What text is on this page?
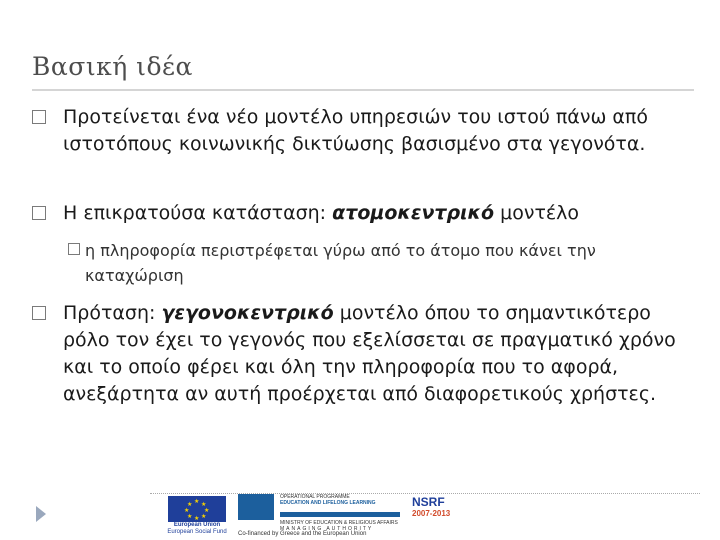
Βασική ιδέα
Προτείνεται ένα νέο μοντέλο υπηρεσιών του ιστού πάνω από ιστοτόπους κοινωνικής δικτύωσης βασισμένο στα γεγονότα.
Η επικρατούσα κατάσταση: ατομοκεντρικό μοντέλο
η πληροφορία περιστρέφεται γύρω από το άτομο που κάνει την καταχώριση
Πρόταση: γεγονοκεντρικό μοντέλο όπου το σημαντικότερο ρόλο τον έχει το γεγονός που εξελίσσεται σε πραγματικό χρόνο και το οποίο φέρει και όλη την πληροφορία που το αφορά, ανεξάρτητα αν αυτή προέρχεται από διαφορετικούς χρήστες.
★ ★
★
★
★
★
★
★
European Union
European Social Fund
OPERATIONAL PROGRAMME
EDUCATION AND LIFELONG LEARNING
MINISTRY OF EDUCATION & RELIGIOUS AFFAIRS
MANAGING AUTHORITY
NSRF
2007-2013
Co-financed by Greece and the European Union
